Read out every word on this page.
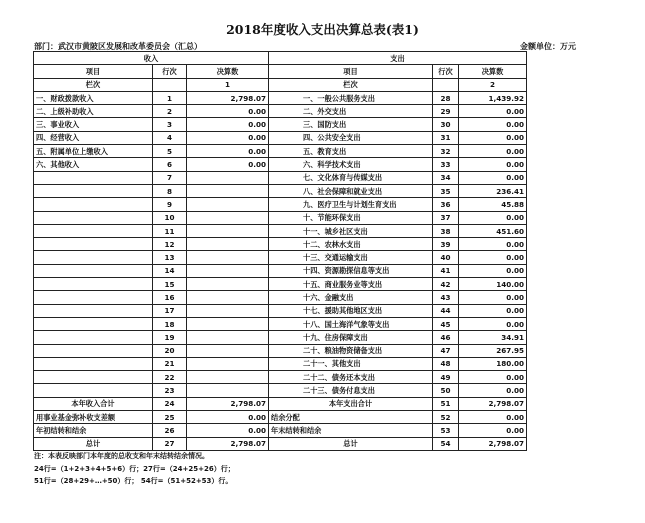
2018年度收入支出决算总表(表1)
部门：武汉市黄陂区发展和改革委员会（汇总）	金额单位：万元
收入			支出		
项目	行次	决算数	项目	行次	决算数
栏次		1	栏次		2
一、财政拨款收入	1	2,798.07	一、一般公共服务支出	28	1,439.92
二、上级补助收入	2	0.00	二、外交支出	29	0.00
三、事业收入	3	0.00	三、国防支出	30	0.00
四、经营收入	4	0.00	四、公共安全支出	31	0.00
五、附属单位上缴收入	5	0.00	五、教育支出	32	0.00
六、其他收入	6	0.00	六、科学技术支出	33	0.00
	7		七、文化体育与传媒支出	34	0.00
	8		八、社会保障和就业支出	35	236.41
	9		九、医疗卫生与计划生育支出	36	45.88
	10		十、节能环保支出	37	0.00
	11		十一、城乡社区支出	38	451.60
	12		十二、农林水支出	39	0.00
	13		十三、交通运输支出	40	0.00
	14		十四、资源勘探信息等支出	41	0.00
	15		十五、商业服务业等支出	42	140.00
	16		十六、金融支出	43	0.00
	17		十七、援助其他地区支出	44	0.00
	18		十八、国土海洋气象等支出	45	0.00
	19		十九、住房保障支出	46	34.91
	20		二十、粮油物资储备支出	47	267.95
	21		二十一、其他支出	48	180.00
	22		二十二、债务还本支出	49	0.00
	23		二十三、债务付息支出	50	0.00
本年收入合计	24	2,798.07	本年支出合计	51	2,798.07
用事业基金弥补收支差额	25	0.00	结余分配	52	0.00
年初结转和结余	26	0.00	年末结转和结余	53	0.00
总计	27	2,798.07	总计	54	2,798.07
注：本表反映部门本年度的总收支和年末结转结余情况。
24行=（1+2+3+4+5+6）行；27行=（24+25+26）行；
51行=（28+29+…+50）行； 54行=（51+52+53）行。
